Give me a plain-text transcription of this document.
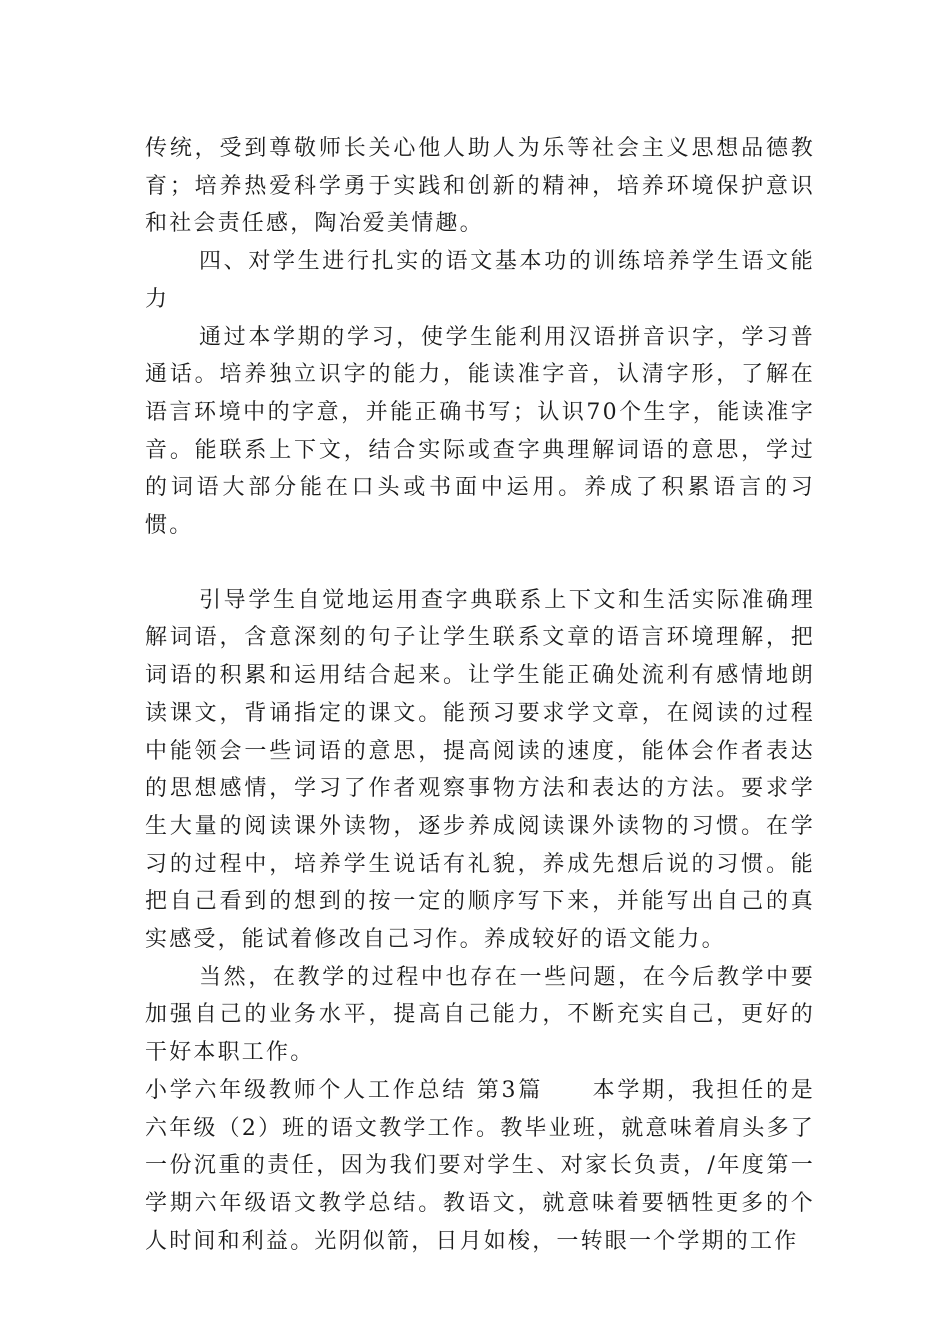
传统，受到尊敬师长关心他人助人为乐等社会主义思想品德教育；培养热爱科学勇于实践和创新的精神，培养环境保护意识和社会责任感，陶冶爱美情趣。

四、对学生进行扎实的语文基本功的训练培养学生语文能力

通过本学期的学习，使学生能利用汉语拼音识字，学习普通话。培养独立识字的能力，能读准字音，认清字形，了解在语言环境中的字意，并能正确书写；认识70个生字，能读准字音。能联系上下文，结合实际或查字典理解词语的意思，学过的词语大部分能在口头或书面中运用。养成了积累语言的习惯。

引导学生自觉地运用查字典联系上下文和生活实际准确理解词语，含意深刻的句子让学生联系文章的语言环境理解，把词语的积累和运用结合起来。让学生能正确处流利有感情地朗读课文，背诵指定的课文。能预习要求学文章，在阅读的过程中能领会一些词语的意思，提高阅读的速度，能体会作者表达的思想感情，学习了作者观察事物方法和表达的方法。要求学生大量的阅读课外读物，逐步养成阅读课外读物的习惯。在学习的过程中，培养学生说话有礼貌，养成先想后说的习惯。能把自己看到的想到的按一定的顺序写下来，并能写出自己的真实感受，能试着修改自己习作。养成较好的语文能力。

当然，在教学的过程中也存在一些问题，在今后教学中要加强自己的业务水平，提高自己能力，不断充实自己，更好的干好本职工作。

小学六年级教师个人工作总结 第3篇　　本学期，我担任的是六年级（2）班的语文教学工作。教毕业班，就意味着肩头多了一份沉重的责任，因为我们要对学生、对家长负责，/年度第一学期六年级语文教学总结。教语文，就意味着要牺牲更多的个人时间和利益。光阴似箭，日月如梭，一转眼一个学期的工作
